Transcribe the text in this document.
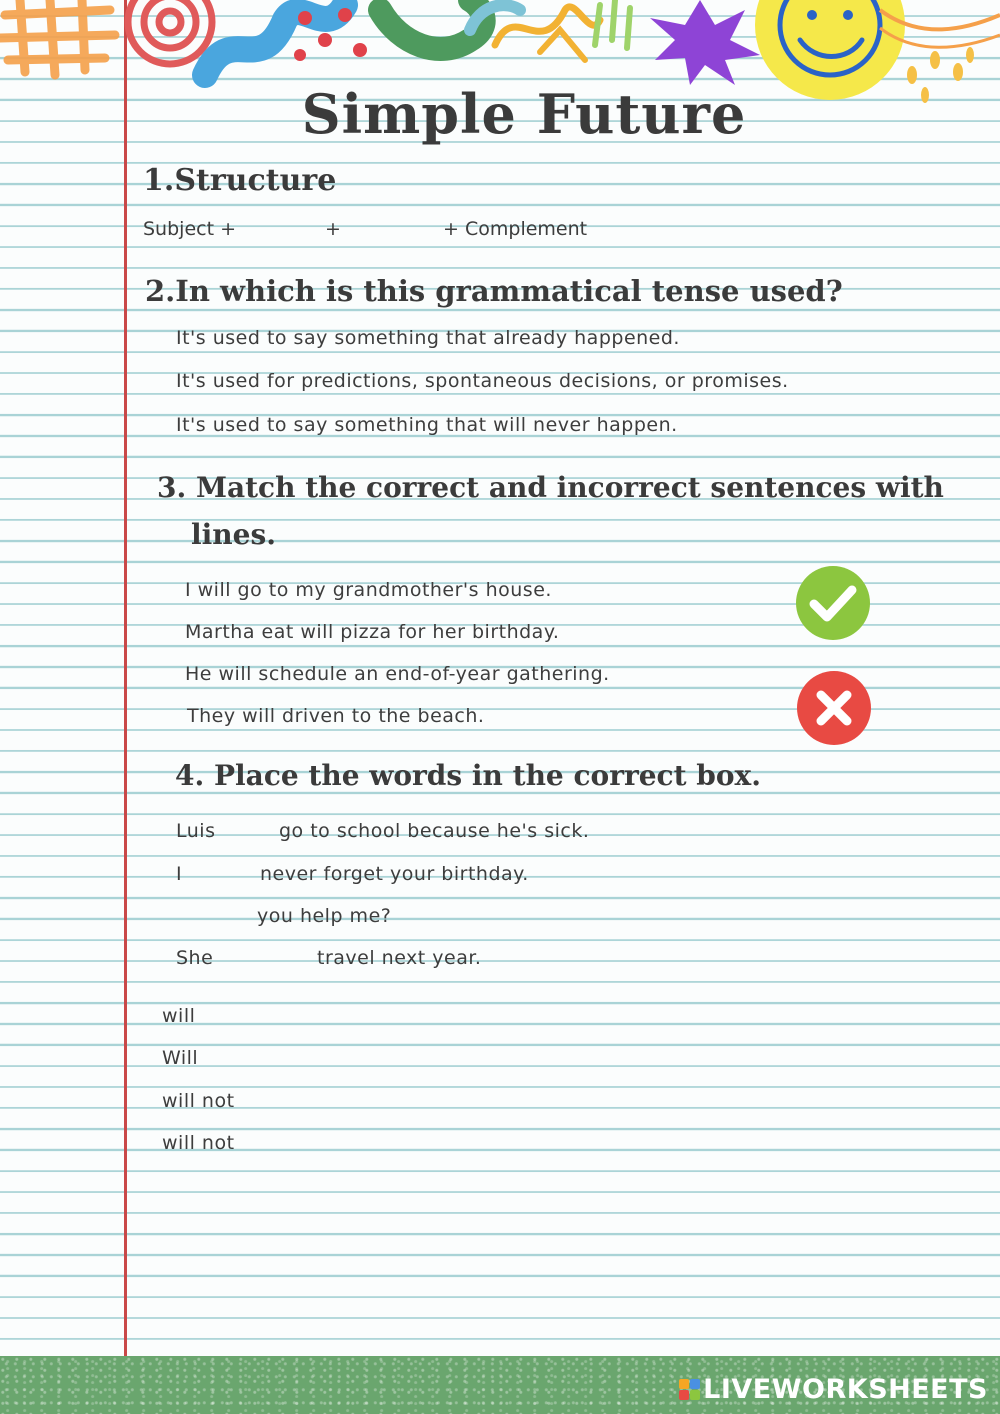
Simple Future
1.Structure
Subject +	+	+ Complement
2.In which is this grammatical tense used?
It's used to say something that already happened.
It's used for predictions, spontaneous decisions, or promises.
It's used to say something that will never happen.
3. Match the correct and incorrect sentences with
lines.
I will go to my grandmother's house.
Martha eat will pizza for her birthday.
He will schedule an end-of-year gathering.
They will driven to the beach.
4. Place the words in the correct box.
Luis	go to school because he's sick.
I	never forget your birthday.
you help me?
She	travel next year.
will
Will
will not
will not
LIVEWORKSHEETS
